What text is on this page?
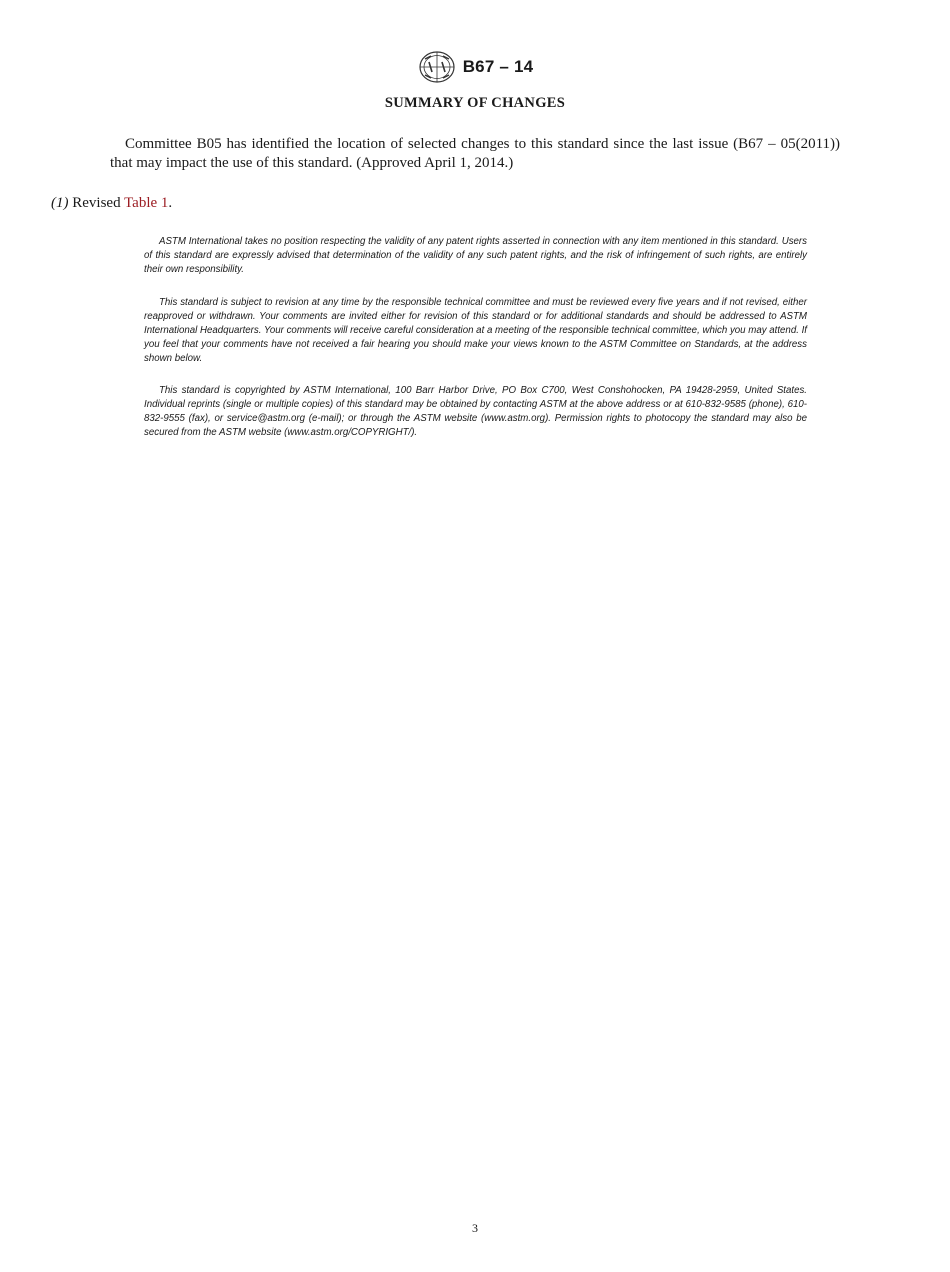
B67 – 14
SUMMARY OF CHANGES

Committee B05 has identified the location of selected changes to this standard since the last issue (B67 – 05(2011)) that may impact the use of this standard. (Approved April 1, 2014.)

(1) Revised Table 1.

ASTM International takes no position respecting the validity of any patent rights asserted in connection with any item mentioned in this standard. Users of this standard are expressly advised that determination of the validity of any such patent rights, and the risk of infringement of such rights, are entirely their own responsibility.

This standard is subject to revision at any time by the responsible technical committee and must be reviewed every five years and if not revised, either reapproved or withdrawn. Your comments are invited either for revision of this standard or for additional standards and should be addressed to ASTM International Headquarters. Your comments will receive careful consideration at a meeting of the responsible technical committee, which you may attend. If you feel that your comments have not received a fair hearing you should make your views known to the ASTM Committee on Standards, at the address shown below.

This standard is copyrighted by ASTM International, 100 Barr Harbor Drive, PO Box C700, West Conshohocken, PA 19428-2959, United States. Individual reprints (single or multiple copies) of this standard may be obtained by contacting ASTM at the above address or at 610-832-9585 (phone), 610-832-9555 (fax), or service@astm.org (e-mail); or through the ASTM website (www.astm.org). Permission rights to photocopy the standard may also be secured from the ASTM website (www.astm.org/COPYRIGHT/).

3
